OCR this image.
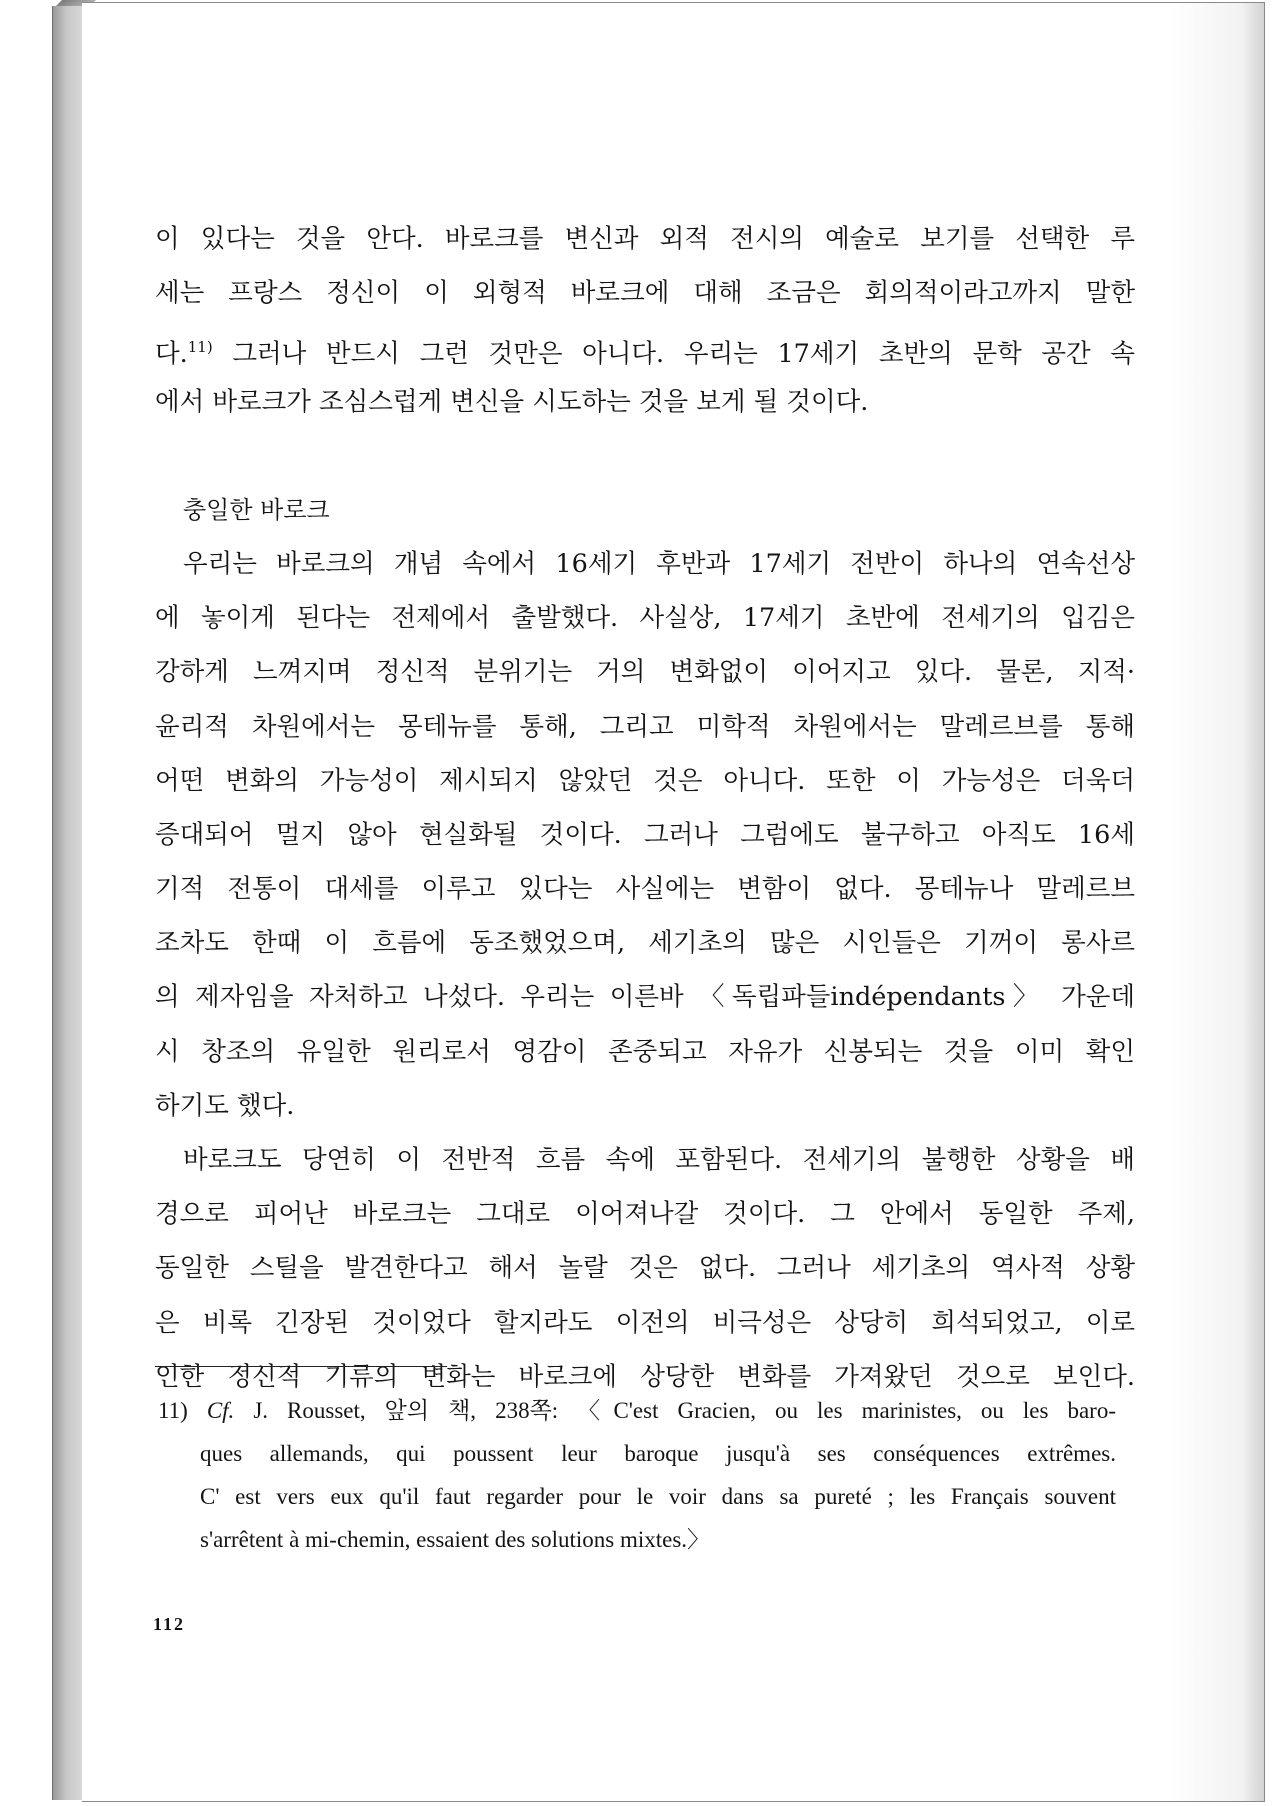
이 있다는 것을 안다. 바로크를 변신과 외적 전시의 예술로 보기를 선택한 루
세는 프랑스 정신이 이 외형적 바로크에 대해 조금은 회의적이라고까지 말한
다.$^{11)}$ 그러나 반드시 그런 것만은 아니다. 우리는 17세기 초반의 문학 공간 속
에서 바로크가 조심스럽게 변신을 시도하는 것을 보게 될 것이다.
충일한 바로크
우리는 바로크의 개념 속에서 16세기 후반과 17세기 전반이 하나의 연속선상
에 놓이게 된다는 전제에서 출발했다. 사실상, 17세기 초반에 전세기의 입김은
강하게 느껴지며 정신적 분위기는 거의 변화없이 이어지고 있다. 물론, 지적·
윤리적 차원에서는 몽테뉴를 통해, 그리고 미학적 차원에서는 말레르브를 통해
어떤 변화의 가능성이 제시되지 않았던 것은 아니다. 또한 이 가능성은 더욱더
증대되어 멀지 않아 현실화될 것이다. 그러나 그럼에도 불구하고 아직도 16세
기적 전통이 대세를 이루고 있다는 사실에는 변함이 없다. 몽테뉴나 말레르브
조차도 한때 이 흐름에 동조했었으며, 세기초의 많은 시인들은 기꺼이 롱사르
의 제자임을 자처하고 나섰다. 우리는 이른바 〈독립파들indépendants〉 가운데
시 창조의 유일한 원리로서 영감이 존중되고 자유가 신봉되는 것을 이미 확인
하기도 했다.
바로크도 당연히 이 전반적 흐름 속에 포함된다. 전세기의 불행한 상황을 배
경으로 피어난 바로크는 그대로 이어져나갈 것이다. 그 안에서 동일한 주제,
동일한 스틸을 발견한다고 해서 놀랄 것은 없다. 그러나 세기초의 역사적 상황
은 비록 긴장된 것이었다 할지라도 이전의 비극성은 상당히 희석되었고, 이로
인한 정신적 기류의 변화는 바로크에 상당한 변화를 가져왔던 것으로 보인다.
11) Cf. J. Rousset, 앞의 책, 238쪽: 〈C'est Gracien, ou les marinistes, ou les baro-
ques allemands, qui poussent leur baroque jusqu'à ses conséquences extrêmes.
C' est vers eux qu'il faut regarder pour le voir dans sa pureté ; les Français souvent
s'arrêtent à mi-chemin, essaient des solutions mixtes.〉
112
